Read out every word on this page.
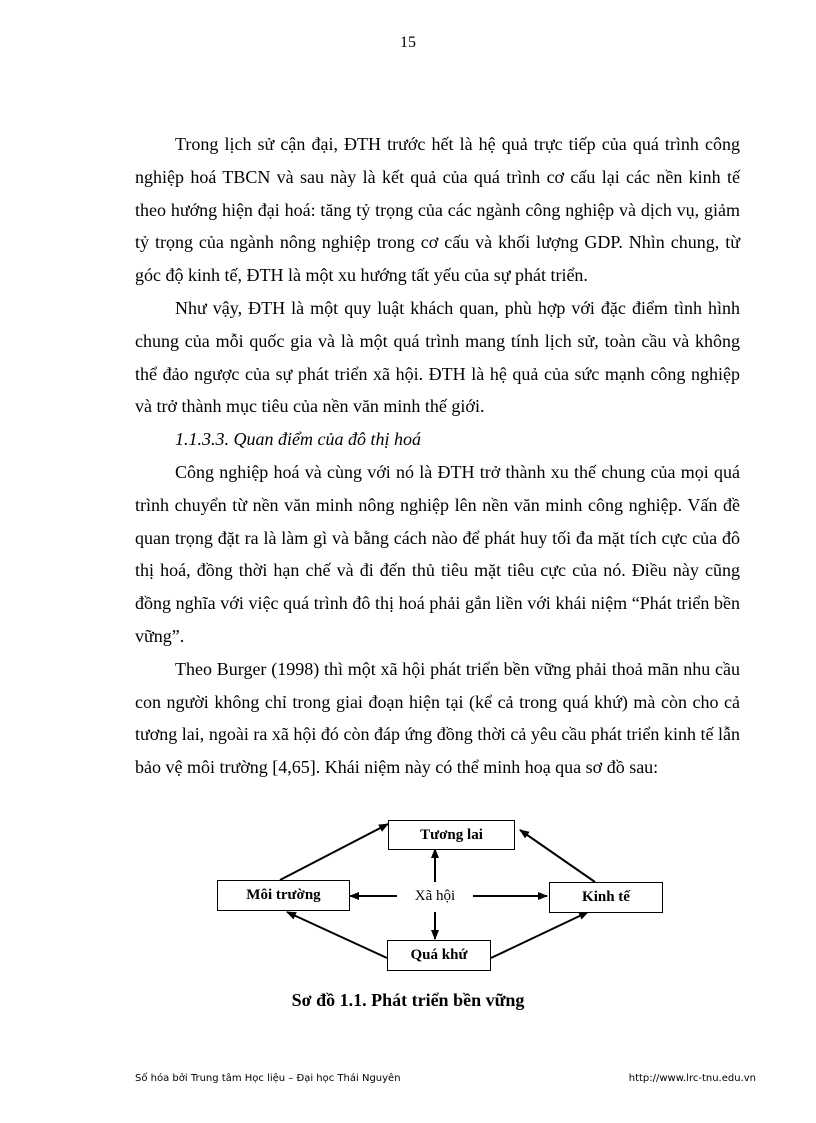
15

Trong lịch sử cận đại, ĐTH trước hết là hệ quả trực tiếp của quá trình công nghiệp hoá TBCN và sau này là kết quả của quá trình cơ cấu lại các nền kinh tế theo hướng hiện đại hoá: tăng tỷ trọng của các ngành công nghiệp và dịch vụ, giảm tỷ trọng của ngành nông nghiệp trong cơ cấu và khối lượng GDP. Nhìn chung, từ góc độ kinh tế, ĐTH là một xu hướng tất yếu của sự phát triển.

Như vậy, ĐTH là một quy luật khách quan, phù hợp với đặc điểm tình hình chung của mỗi quốc gia và là một quá trình mang tính lịch sử, toàn cầu và không thể đảo ngược của sự phát triển xã hội. ĐTH là hệ quả của sức mạnh công nghiệp và trở thành mục tiêu của nền văn minh thế giới.

1.1.3.3. Quan điểm của đô thị hoá

Công nghiệp hoá và cùng với nó là ĐTH trở thành xu thế chung của mọi quá trình chuyển từ nền văn minh nông nghiệp lên nền văn minh công nghiệp. Vấn đề quan trọng đặt ra là làm gì và bằng cách nào để phát huy tối đa mặt tích cực của đô thị hoá, đồng thời hạn chế và đi đến thủ tiêu mặt tiêu cực của nó. Điều này cũng đồng nghĩa với việc quá trình đô thị hoá phải gắn liền với khái niệm “Phát triển bền vững”.

Theo Burger (1998) thì một xã hội phát triển bền vững phải thoả mãn nhu cầu con người không chỉ trong giai đoạn hiện tại (kể cả trong quá khứ) mà còn cho cả tương lai, ngoài ra xã hội đó còn đáp ứng đồng thời cả yêu cầu phát triển kinh tế lẫn bảo vệ môi trường [4,65]. Khái niệm này có thể minh hoạ qua sơ đồ sau:

Tương lai
Môi trường	Xã hội	Kinh tế
Quá khứ
Sơ đồ 1.1. Phát triển bền vững
Số hóa bởi Trung tâm Học liệu – Đại học Thái Nguyên	http://www.lrc-tnu.edu.vn
